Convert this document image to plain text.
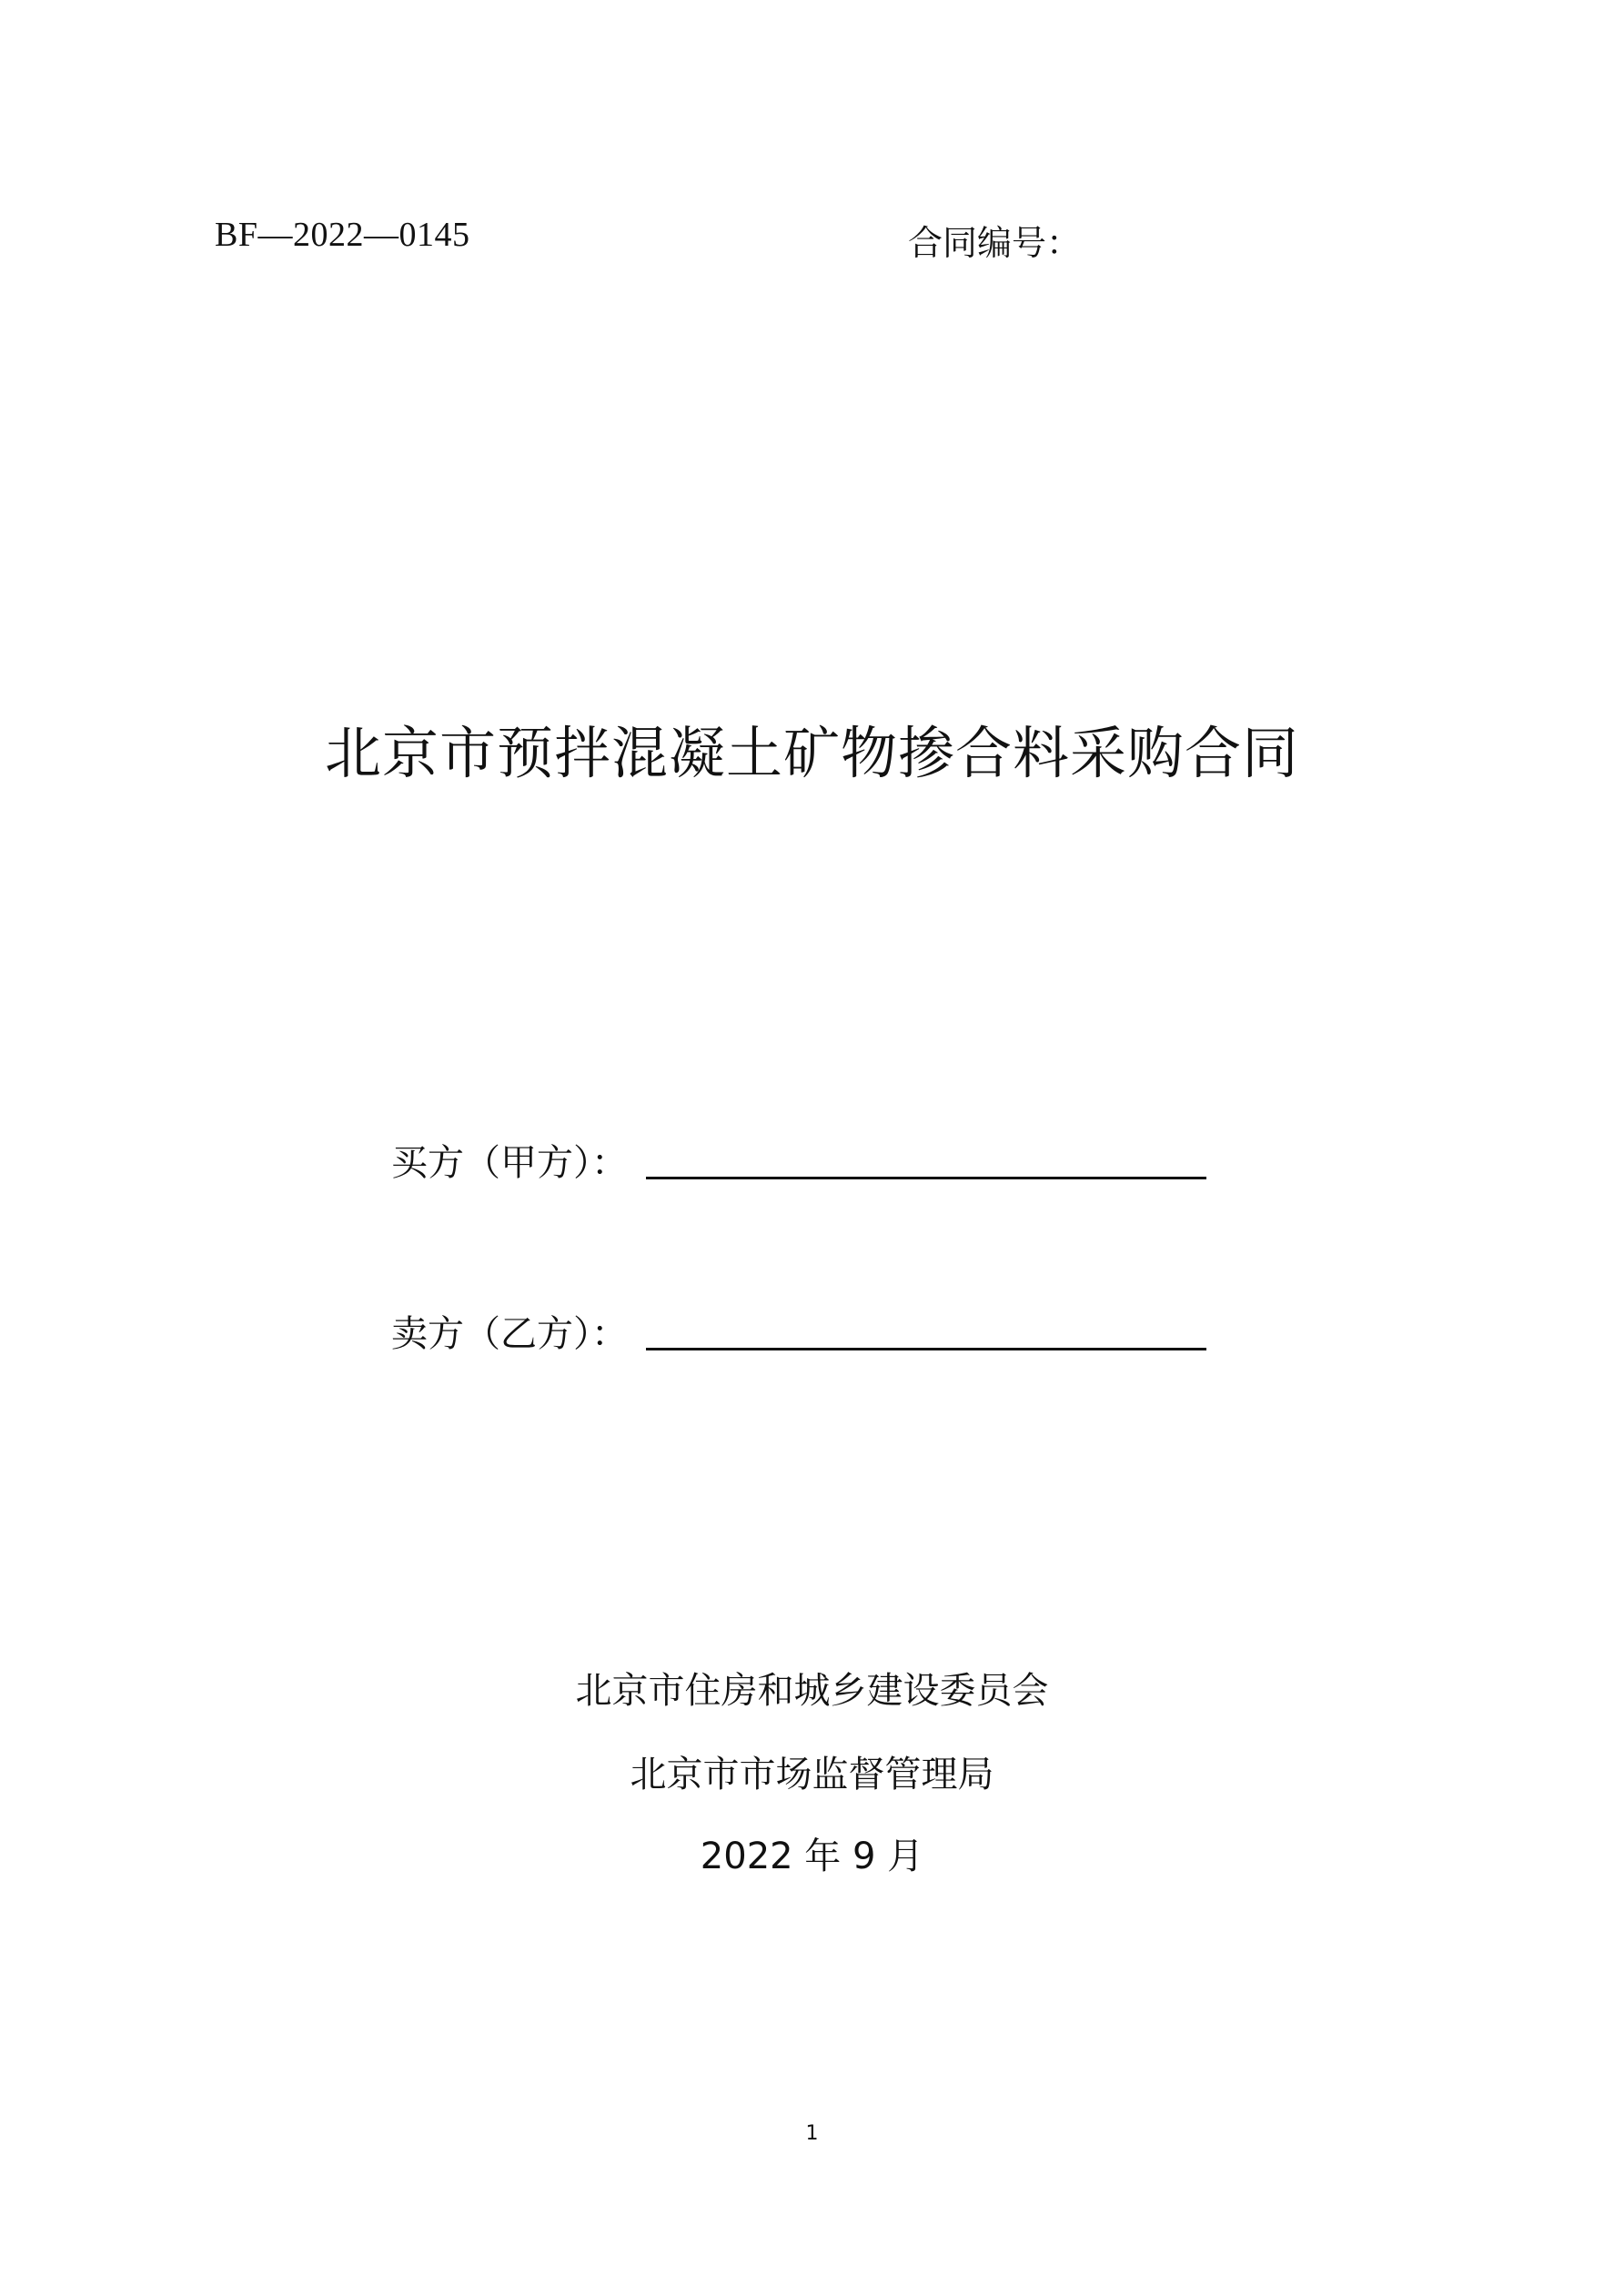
BF—2022—0145	合同编号：
北京市预拌混凝土矿物掺合料采购合同
买方（甲方）：
卖方（乙方）：
北京市住房和城乡建设委员会
北京市市场监督管理局
2022 年 9 月
1
